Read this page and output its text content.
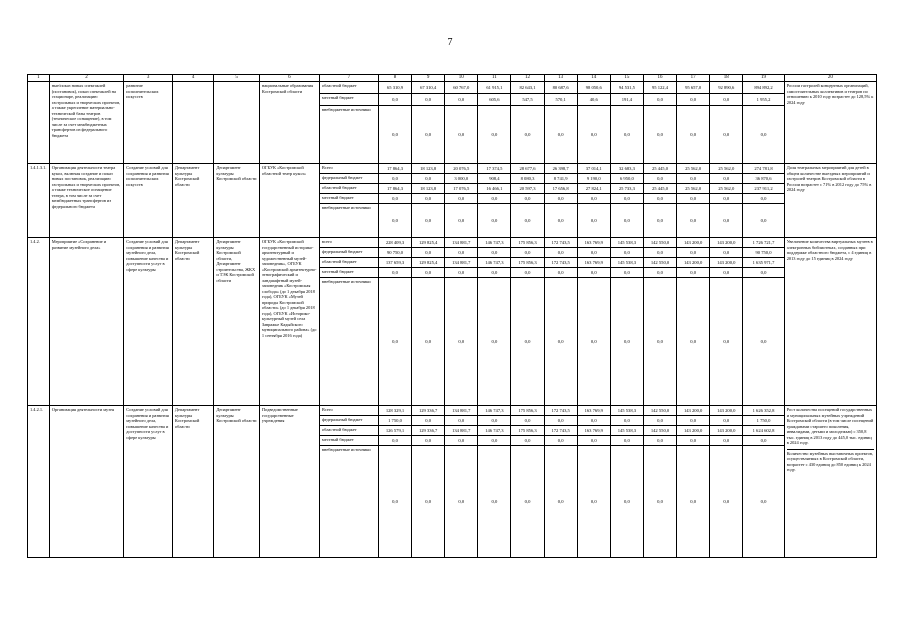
7
1	2	3	4	5	6	7	8	9	10	11	12	13	14	15	16	17	18	19	20
	ные/показ новых спектаклей (постановок), показ спектаклей на стационаре, реализацию гастрольных и творческих проектов, а также укрепление материально-технической базы театров (техническое оснащение), в том числе за счет межбюджетных трансфертов из федерального бюджета	развитие исполнительских искусств			национальные образования Костромской области	областной бюджет	65 310,9	67 310,4	60 767,0	61 915,1	82 643,1	80 687,6	98 050,6	94 531,5	95 122,4	95 657,0	92 890,6	894 892,2	России гастролей концертных организаций, самостоятельных коллективов и театров по отношению к 2010 году возрастет до 128,5% к 2024 году
						местный бюджет	0,0	0,0	0,0	605,6	547,5	570,1	40,6	191,4	0,0	0,0	0,0	1 955,2	
						внебюджетные источники	0,0	0,0	0,0	0,0	0,0	0,0	0,0	0,0	0,0	0,0	0,0	0,0	
1.4.1.3.1.	Организация деятельности театра кукол, включая создание и показ новых постановок, реализацию гастрольных и творческих проектов, а также техническое оснащение театра, в том числе за счет межбюджетных трансфертов из федерального бюджета	Создание условий для сохранения и развития исполнительских искусств	Департамент культуры Костромской области	Департамент культуры Костромской области	ОГБУК «Костромской областной театр кукол»	Всего	17 864,3	18 123,8	20 076,5	17 374,5	28 677,6	26 398,7	37 014,1	32 683,3	25 445,0	25 562,0	25 562,0	274 781,8	Доля театральных мероприятий для детей в общем количестве выездных мероприятий и гастролей театров Костромской области в России возрастет с 71% в 2012 году до 75% в 2024 году
						федеральный бюджет	0,0	0,0	3 000,0	908,4	8 080,3	8 741,9	9 190,0	6 950,0	0,0	0,0	0,0	36 870,6	
						областной бюджет	17 864,3	18 123,8	17 076,5	16 466,1	20 597,3	17 656,8	27 824,1	25 733,3	25 445,0	25 562,0	25 562,0	237 911,2	
						местный бюджет	0,0	0,0	0,0	0,0	0,0	0,0	0,0	0,0	0,0	0,0	0,0	0,0	
						внебюджетные источники	0,0	0,0	0,0	0,0	0,0	0,0	0,0	0,0	0,0	0,0	0,0	0,0	
1.4.2.	Мероприятие «Сохранение и развитие музейного дела»	Создание условий для сохранения и развития музейного дела, повышение качества и доступности услуг в сфере культуры	Департамент культуры Костромской области	Департамент культуры Костромской области, Департамент строительства, ЖКХ и ТЭК Костромской области	ОГБУК «Костромской государственный историко-архитектурный и художественный музей-заповедник», ОГБУК «Костромской архитектурно-этнографический и ландшафтный музей-заповедник «Костромская слобода» (до 1 декабря 2018 года), ОГБУК «Музей природы Костромской области» (до 1 декабря 2018 года), ОГБУК «Историко-культурный музей села Завражье Кадыйского муниципального района» (до 1 сентября 2016 года)	всего	228 409,3	129 825,4	134 881,7	146 747,3	175 856,3	172 743,5	163 769,9	145 538,3	142 550,0	143 200,0	143 200,0	1 726 721,7	Увеличение количества виртуальных музеев в электронных библиотеках, созданных при поддержке областного бюджета, с 4 единиц в 2013 году до 15 единиц в 2024 году
						федеральный бюджет	90 750,0	0,0	0,0	0,0	0,0	0,0	0,0	0,0	0,0	0,0	0,0	90 750,0	
						областной бюджет	137 659,3	129 825,4	134 881,7	146 747,3	175 856,3	172 743,5	163 769,9	145 538,3	142 550,0	143 200,0	143 200,0	1 635 971,7	
						местный бюджет	0,0	0,0	0,0	0,0	0,0	0,0	0,0	0,0	0,0	0,0	0,0	0,0	
						внебюджетные источники	0,0	0,0	0,0	0,0	0,0	0,0	0,0	0,0	0,0	0,0	0,0	0,0	
1.4.2.1.	Организация деятельности музея	Создание условий для сохранения и развития музейного дела, повышение качества и доступности услуг в сфере культуры	Департамент культуры Костромской области	Департамент культуры Костромской области	Подведомственные государственные учреждения	Всего	128 329,1	129 336,7	134 881,7	146 747,3	175 856,3	172 743,5	163 769,9	145 538,3	142 550,0	143 200,0	143 200,0	1 626 352,8	Рост количества посещений государственных и муниципальных музейных учреждений Костромской области (в том числе посещений гражданами старшего поколения, инвалидами, детьми и молодежью) с 350,8 тыс. единиц в 2013 году до 445,0 тыс. единиц в 2024 году.
Количество музейных выставочных проектов, осуществляемых в Костромской области, возрастет с 430 единиц до 850 единиц к 2024 году.

						федеральный бюджет	1 750,0	0,0	0,0	0,0	0,0	0,0	0,0	0,0	0,0	0,0	0,0	1 750,0	
						областной бюджет	126 579,1	129 336,7	134 881,7	146 747,3	175 856,3	172 743,5	163 769,9	145 538,3	142 550,0	143 200,0	143 200,0	1 624 602,8	
						местный бюджет	0,0	0,0	0,0	0,0	0,0	0,0	0,0	0,0	0,0	0,0	0,0	0,0	
						внебюджетные источники	0,0	0,0	0,0	0,0	0,0	0,0	0,0	0,0	0,0	0,0	0,0	0,0	
